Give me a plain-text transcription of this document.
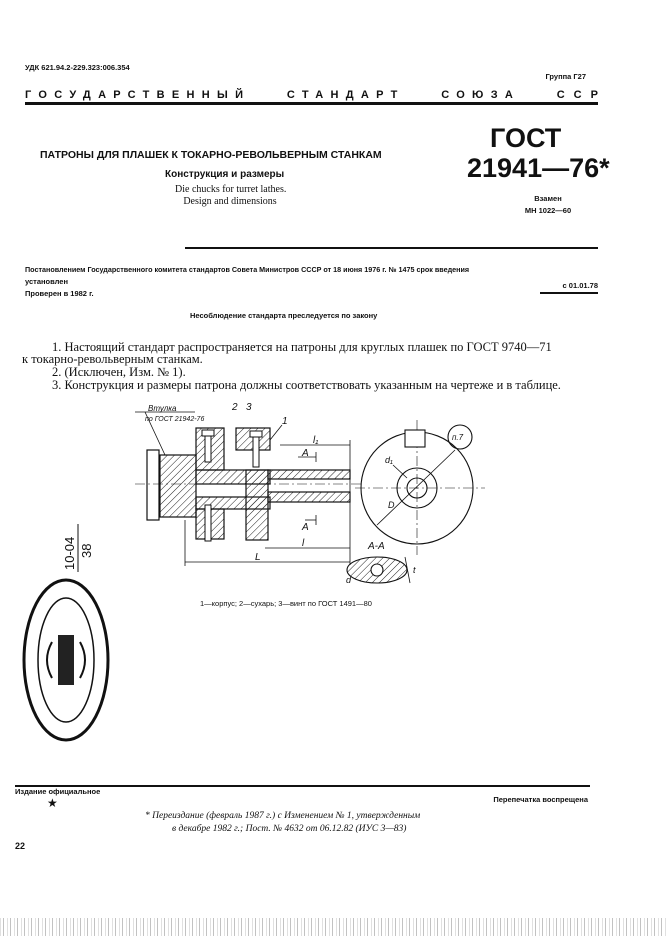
УДК 621.94.2-229.323:006.354
Группа Г27
ГОСУДАРСТВЕННЫЙ	СТАНДАРТ	СОЮЗА	ССР
ПАТРОНЫ ДЛЯ ПЛАШЕК К ТОКАРНО-РЕВОЛЬВЕРНЫМ СТАНКАМ
Конструкция и размеры
Die chucks for turret lathes.
Design and dimensions
ГОСТ
21941—76*
Взамен
МН 1022—60
Постановлением Государственного комитета стандартов Совета Министров СССР от 18 июня 1976 г. № 1475 срок введения
установлен	с 01.01.78
Проверен в 1982 г.
Несоблюдение стандарта преследуется по закону
1. Настоящий стандарт распространяется на патроны для круглых плашек по ГОСТ 9740—71
к токарно-револьверным станкам.
2. (Исключен, Изм. № 1).
3. Конструкция и размеры патрона должны соответствовать указанным на чертеже и в таблице.
Втулка
по ГОСТ 21942-76
2 3
1
l₁
l
L
А
А
d₁
D
п.7
А-А
d
t
1—корпус; 2—сухарь; 3—винт по ГОСТ 1491—80
10-04 38
Издание официальное
★	Перепечатка воспрещена
* Переиздание (февраль 1987 г.) с Изменением № 1, утвержденным
в декабре 1982 г.; Пост. № 4632 от 06.12.82 (ИУС 3—83)
22
